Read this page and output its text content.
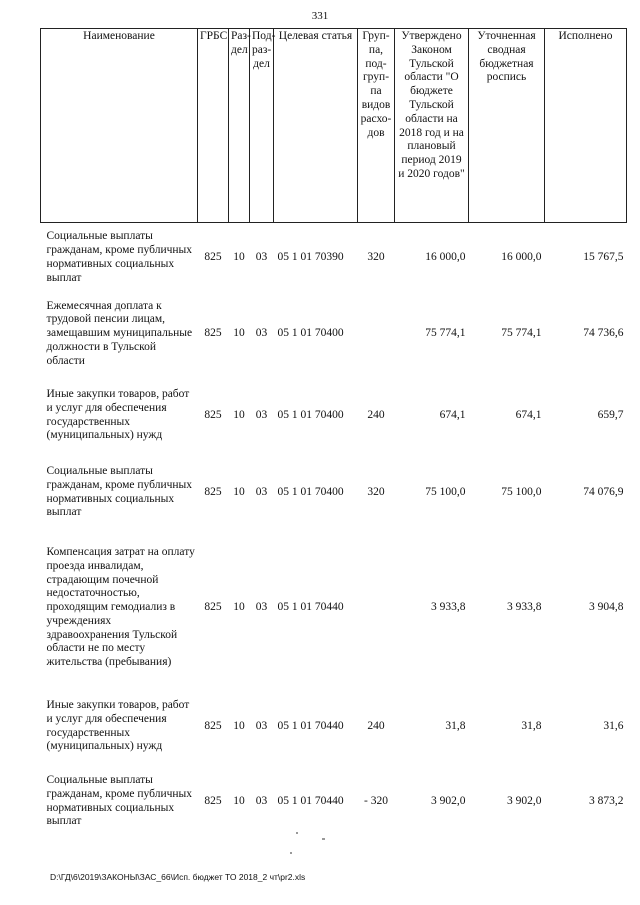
331
Наименование	ГРБС	Раз-дел	Под-раз-дел	Целевая статья	Груп-па, под-груп-па видов расхо-дов	Утверждено Законом Тульской области "О бюджете Тульской области на 2018 год и на плановый период 2019 и 2020 годов"	Уточненная сводная бюджетная роспись	Исполнено
Социальные выплаты гражданам, кроме публичных нормативных социальных выплат	825	10	03	05 1 01 70390	320	16 000,0	16 000,0	15 767,5
Ежемесячная доплата к трудовой пенсии лицам, замещавшим муниципальные должности в Тульской области	825	10	03	05 1 01 70400		75 774,1	75 774,1	74 736,6
Иные закупки товаров, работ и услуг для обеспечения государственных (муниципальных) нужд	825	10	03	05 1 01 70400	240	674,1	674,1	659,7
Социальные выплаты гражданам, кроме публичных нормативных социальных выплат	825	10	03	05 1 01 70400	320	75 100,0	75 100,0	74 076,9
Компенсация затрат на оплату проезда инвалидам, страдающим почечной недостаточностью, проходящим гемодиализ в учреждениях здравоохранения Тульской области не по месту жительства (пребывания)	825	10	03	05 1 01 70440		3 933,8	3 933,8	3 904,8
Иные закупки товаров, работ и услуг для обеспечения государственных (муниципальных) нужд	825	10	03	05 1 01 70440	240	31,8	31,8	31,6
Социальные выплаты гражданам, кроме публичных нормативных социальных выплат	825	10	03	05 1 01 70440	- 320	3 902,0	3 902,0	3 873,2
D:\ГД\6\2019\ЗАКОНЫ\ЗАС_66\Исп. бюджет ТО 2018_2 чт\pr2.xls
